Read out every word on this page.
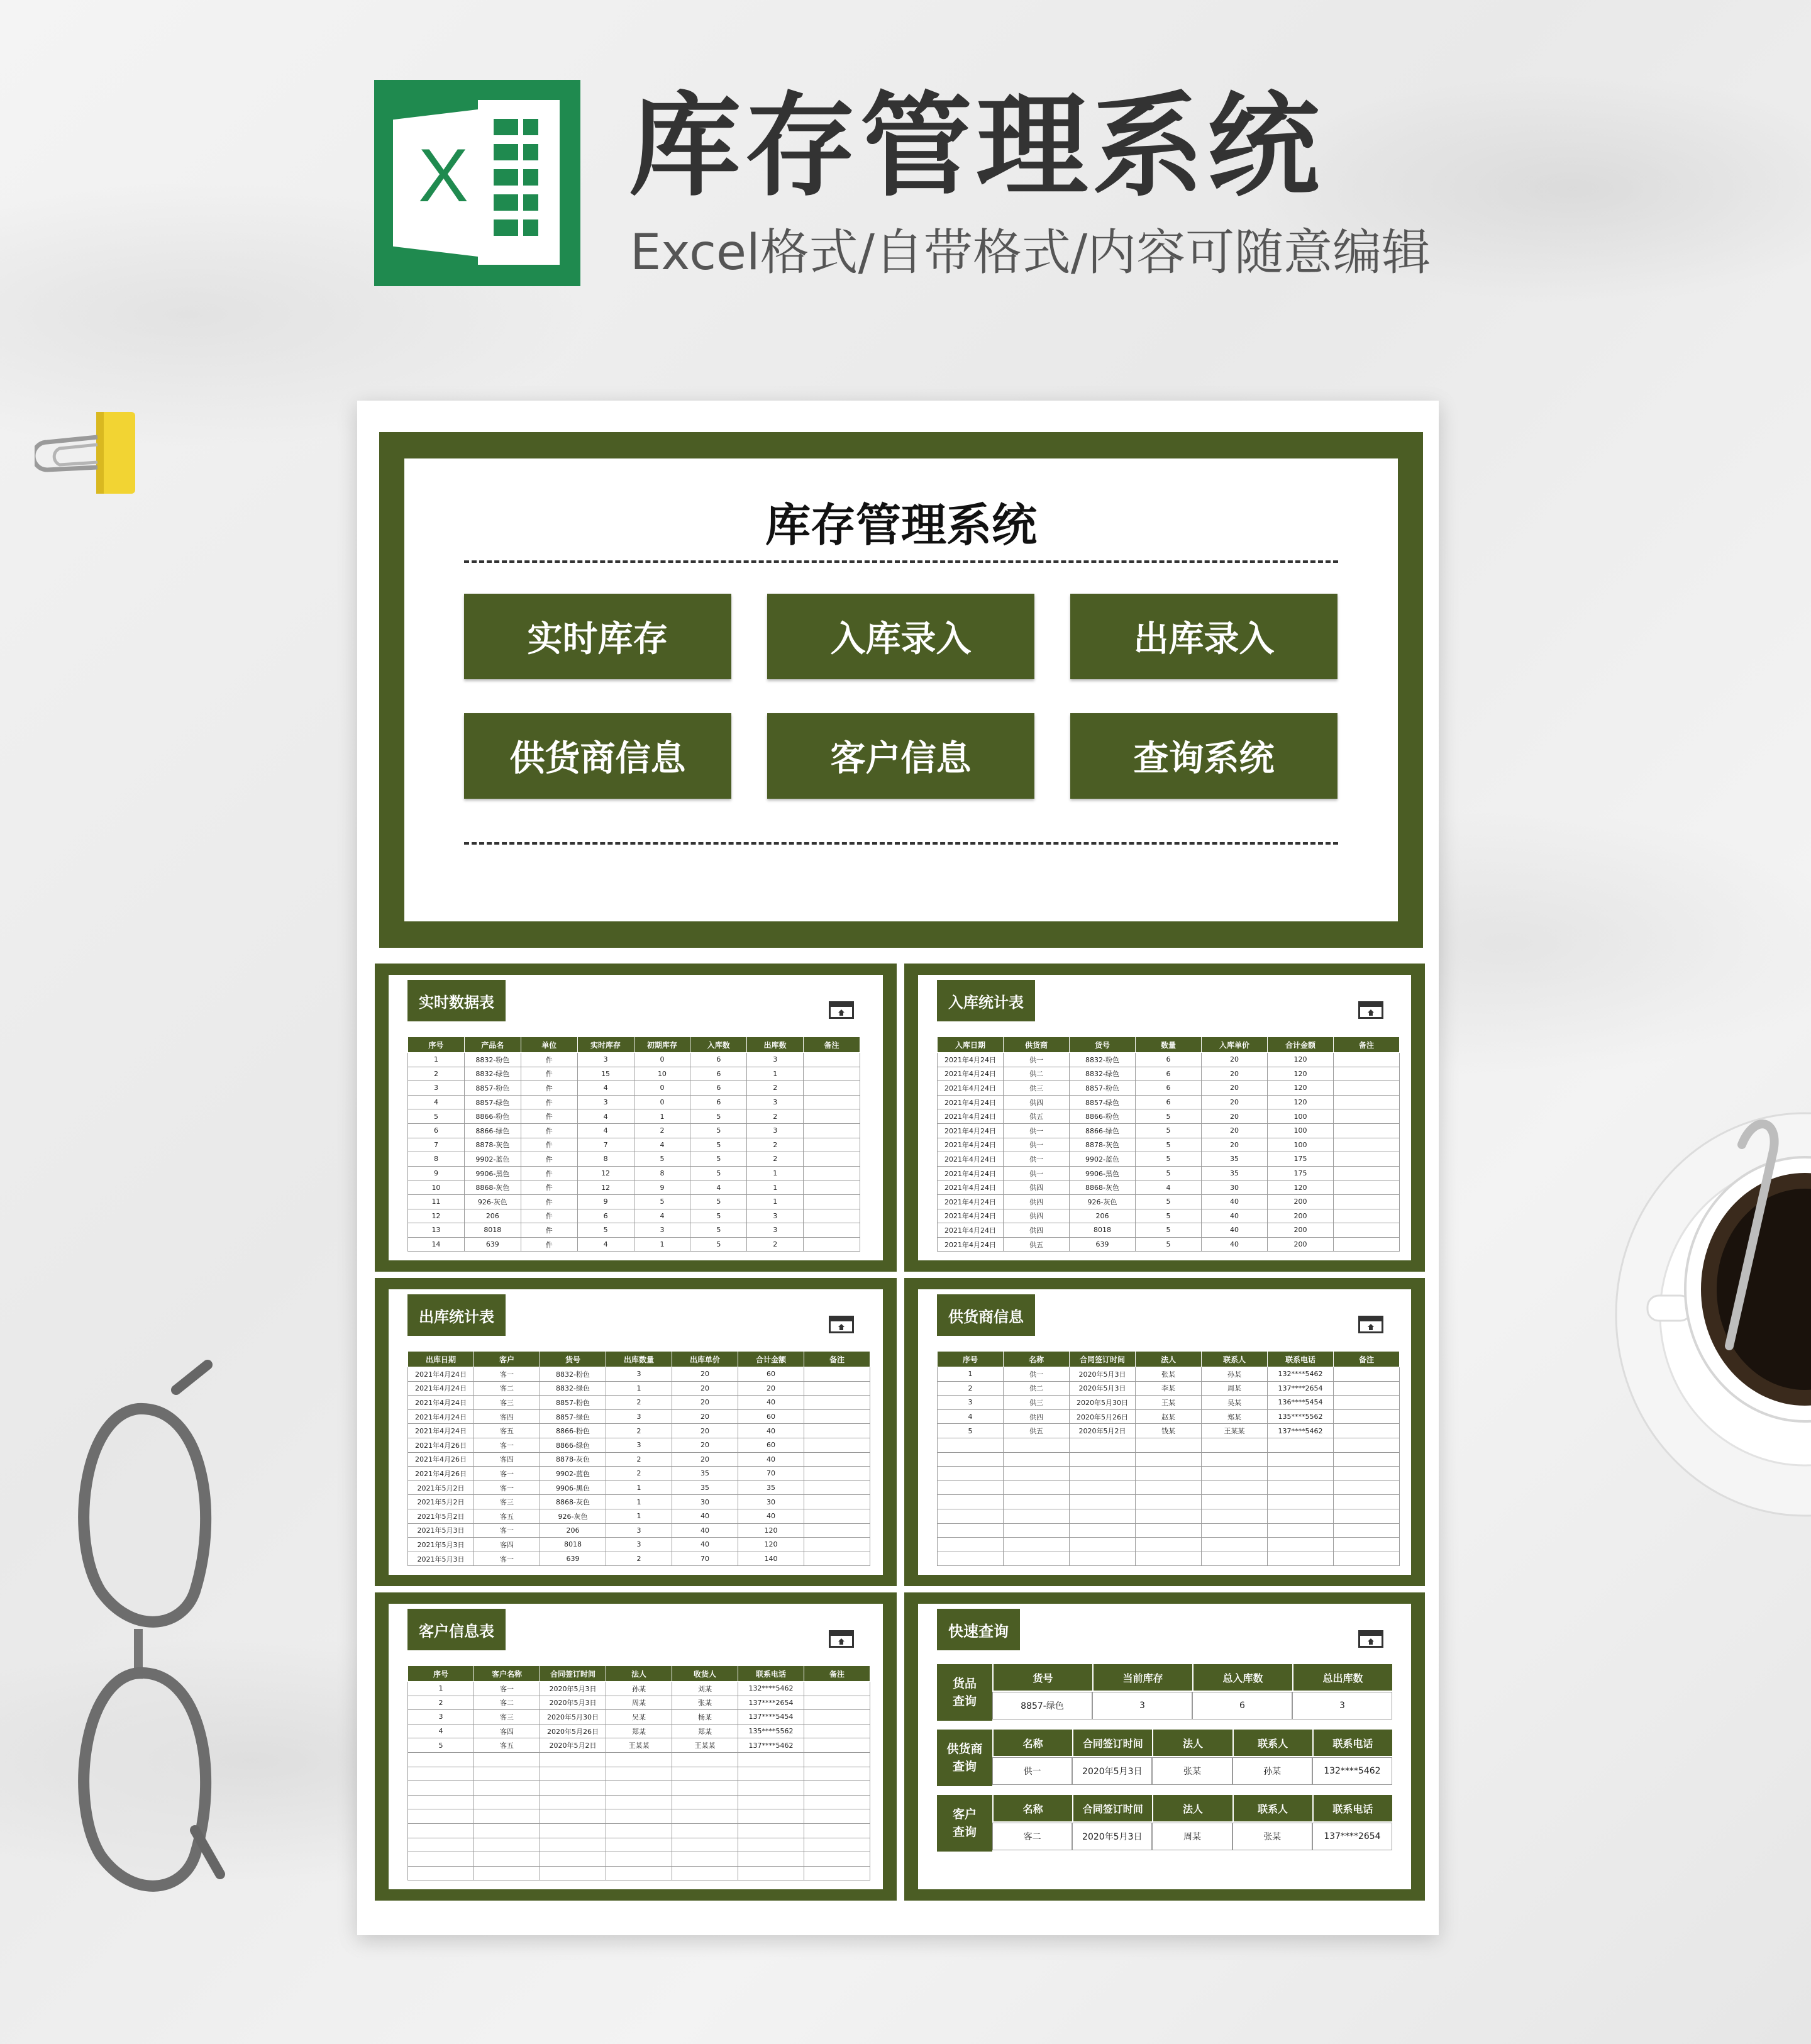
X 库存管理系统
Excel格式/自带格式/内容可随意编辑
库存管理系统
实时库存	入库录入	出库录入
供货商信息	客户信息	查询系统
实时数据表
序号	产品名	单位	实时库存	初期库存	入库数	出库数	备注
1	8832-粉色	件	3	0	6	3	
2	8832-绿色	件	15	10	6	1	
3	8857-粉色	件	4	0	6	2	
4	8857-绿色	件	3	0	6	3	
5	8866-粉色	件	4	1	5	2	
6	8866-绿色	件	4	2	5	3	
7	8878-灰色	件	7	4	5	2	
8	9902-蓝色	件	8	5	5	2	
9	9906-黑色	件	12	8	5	1	
10	8868-灰色	件	12	9	4	1	
11	926-灰色	件	9	5	5	1	
12	206	件	6	4	5	3	
13	8018	件	5	3	5	3	
14	639	件	4	1	5	2	
入库统计表
入库日期	供货商	货号	数量	入库单价	合计金额	备注
2021年4月24日	供一	8832-粉色	6	20	120	
2021年4月24日	供二	8832-绿色	6	20	120	
2021年4月24日	供三	8857-粉色	6	20	120	
2021年4月24日	供四	8857-绿色	6	20	120	
2021年4月24日	供五	8866-粉色	5	20	100	
2021年4月24日	供一	8866-绿色	5	20	100	
2021年4月24日	供一	8878-灰色	5	20	100	
2021年4月24日	供一	9902-蓝色	5	35	175	
2021年4月24日	供一	9906-黑色	5	35	175	
2021年4月24日	供四	8868-灰色	4	30	120	
2021年4月24日	供四	926-灰色	5	40	200	
2021年4月24日	供四	206	5	40	200	
2021年4月24日	供四	8018	5	40	200	
2021年4月24日	供五	639	5	40	200	
出库统计表
出库日期	客户	货号	出库数量	出库单价	合计金额	备注
2021年4月24日	客一	8832-粉色	3	20	60	
2021年4月24日	客二	8832-绿色	1	20	20	
2021年4月24日	客三	8857-粉色	2	20	40	
2021年4月24日	客四	8857-绿色	3	20	60	
2021年4月24日	客五	8866-粉色	2	20	40	
2021年4月26日	客一	8866-绿色	3	20	60	
2021年4月26日	客四	8878-灰色	2	20	40	
2021年4月26日	客一	9902-蓝色	2	35	70	
2021年5月2日	客一	9906-黑色	1	35	35	
2021年5月2日	客三	8868-灰色	1	30	30	
2021年5月2日	客五	926-灰色	1	40	40	
2021年5月3日	客一	206	3	40	120	
2021年5月3日	客四	8018	3	40	120	
2021年5月3日	客一	639	2	70	140	
供货商信息
序号	名称	合同签订时间	法人	联系人	联系电话	备注
1	供一	2020年5月3日	张某	孙某	132****5462	
2	供二	2020年5月3日	李某	周某	137****2654	
3	供三	2020年5月30日	王某	吴某	136****5454	
4	供四	2020年5月26日	赵某	郑某	135****5562	
5	供五	2020年5月2日	钱某	王某某	137****5462	

客户信息表
序号	客户名称	合同签订时间	法人	收货人	联系电话	备注
1	客一	2020年5月3日	孙某	刘某	132****5462	
2	客二	2020年5月3日	周某	张某	137****2654	
3	客三	2020年5月30日	吴某	杨某	137****5454	
4	客四	2020年5月26日	郑某	郑某	135****5562	
5	客五	2020年5月2日	王某某	王某某	137****5462	

快速查询
货品
查询
货号	当前库存	总入库数	总出库数
8857-绿色	3	6	3
供货商
查询
名称	合同签订时间	法人	联系人	联系电话
供一	2020年5月3日	张某	孙某	132****5462
客户
查询
名称	合同签订时间	法人	联系人	联系电话
客二	2020年5月3日	周某	张某	137****2654
